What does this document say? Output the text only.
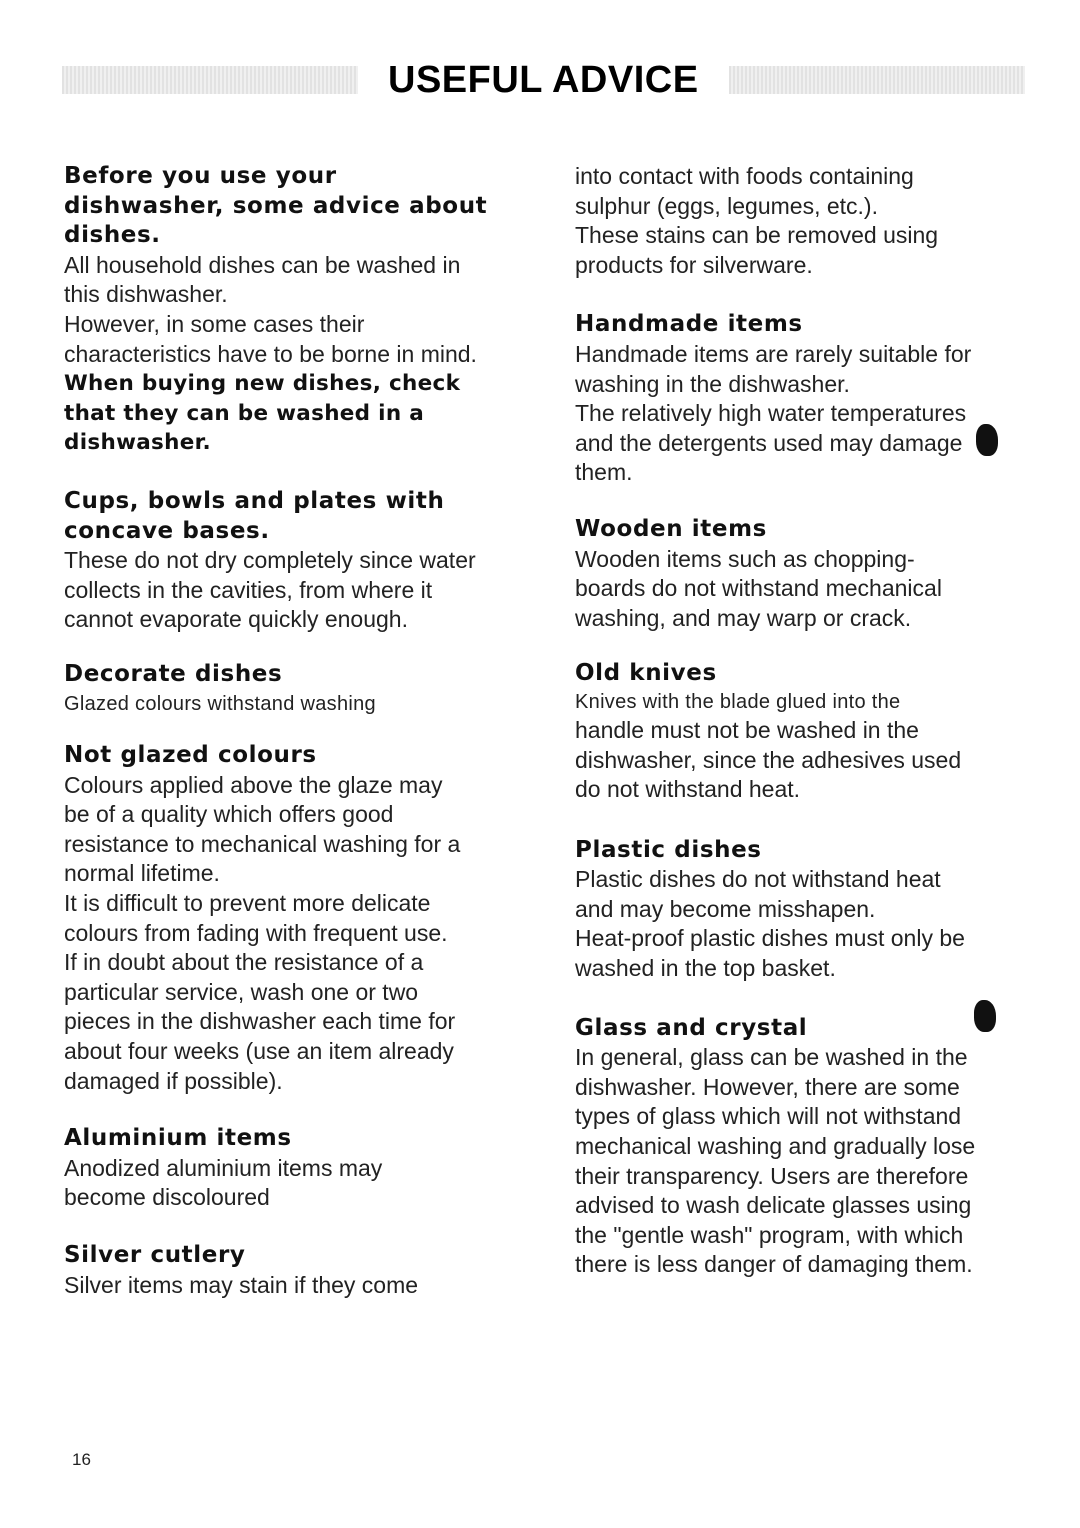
USEFUL ADVICE

Before you use your

dishwasher, some advice about

dishes.

All household dishes can be washed in

this dishwasher.

However, in some cases their

characteristics have to be borne in mind.

When buying new dishes, check

that they can be washed in a

dishwasher.

Cups, bowls and plates with

concave bases.

These do not dry completely since water

collects in the cavities, from where it

cannot evaporate quickly enough.

Decorate dishes

Glazed colours withstand washing

Not glazed colours

Colours applied above the glaze may

be of a quality which offers good

resistance to mechanical washing for a

normal lifetime.

It is difficult to prevent more delicate

colours from fading with frequent use.

If in doubt about the resistance of a

particular service, wash one or two

pieces in the dishwasher each time for

about four weeks (use an item already

damaged if possible).

Aluminium items

Anodized aluminium items may

become discoloured

Silver cutlery

Silver items may stain if they come

into contact with foods containing

sulphur (eggs, legumes, etc.).

These stains can be removed using

products for silverware.

Handmade items

Handmade items are rarely suitable for

washing in the dishwasher.

The relatively high water temperatures

and the detergents used may damage

them.

Wooden items

Wooden items such as chopping-

boards do not withstand mechanical

washing, and may warp or crack.

Old knives

Knives with the blade glued into the

handle must not be washed in the

dishwasher, since the adhesives used

do not withstand heat.

Plastic dishes

Plastic dishes do not withstand heat

and may become misshapen.

Heat-proof plastic dishes must only be

washed in the top basket.

Glass and crystal

In general, glass can be washed in the

dishwasher. However, there are some

types of glass which will not withstand

mechanical washing and gradually lose

their transparency. Users are therefore

advised to wash delicate glasses using

the "gentle wash" program, with which

there is less danger of damaging them.

16
